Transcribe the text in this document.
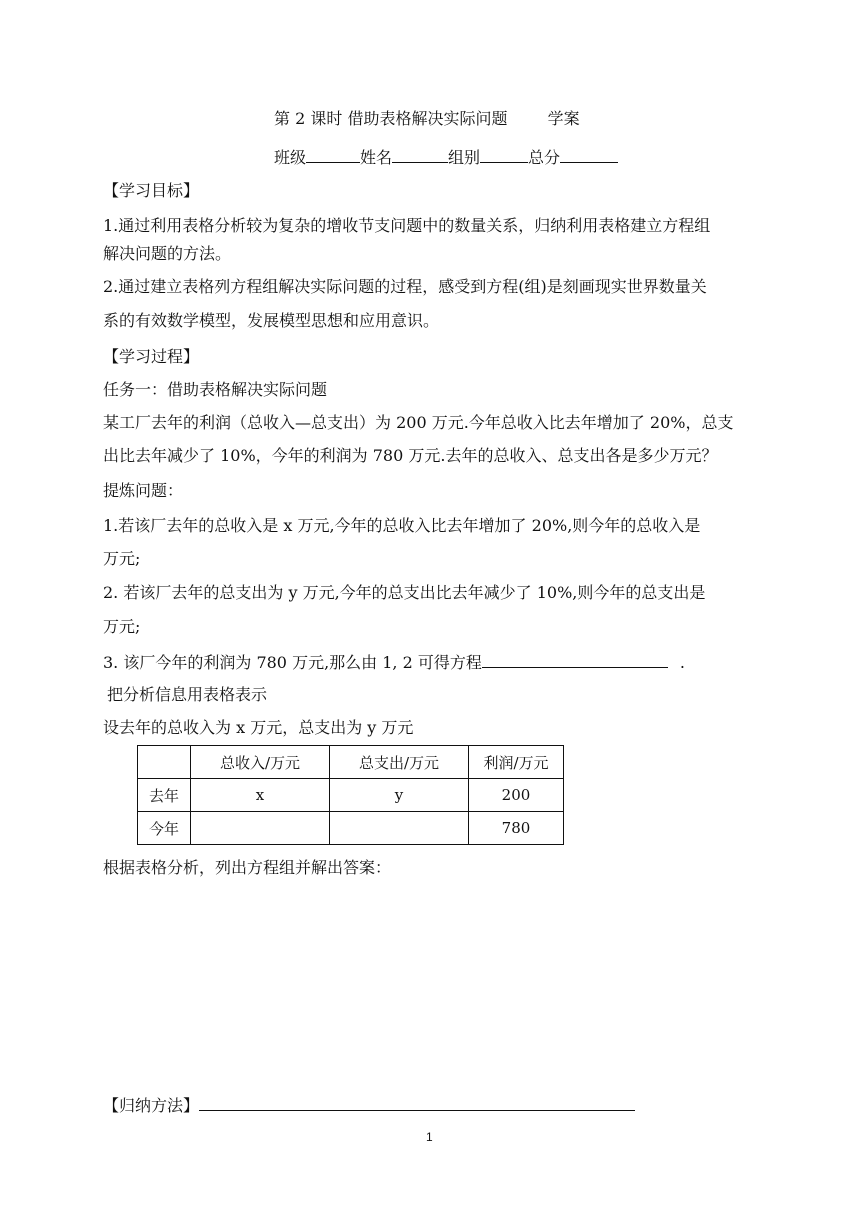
第 2 课时 借助表格解决实际问题	学案
班级	姓名	组别	总分
【学习目标】
1.通过利用表格分析较为复杂的增收节支问题中的数量关系，归纳利用表格建立方程组
解决问题的方法。
2.通过建立表格列方程组解决实际问题的过程，感受到方程(组)是刻画现实世界数量关
系的有效数学模型，发展模型思想和应用意识。
【学习过程】
任务一：借助表格解决实际问题
某工厂去年的利润（总收入—总支出）为 200 万元.今年总收入比去年增加了 20%，总支
出比去年减少了 10%，今年的利润为 780 万元.去年的总收入、总支出各是多少万元？
提炼问题：
1.若该厂去年的总收入是 x 万元,今年的总收入比去年增加了 20%,则今年的总收入是
万元;
2. 若该厂去年的总支出为 y 万元,今年的总支出比去年减少了 10%,则今年的总支出是
万元;
3. 该厂今年的利润为 780 万元,那么由 1, 2 可得方程	.
把分析信息用表格表示
设去年的总收入为 x 万元，总支出为 y 万元
	总收入/万元	总支出/万元	利润/万元
去年	x	y	200
今年			780
根据表格分析，列出方程组并解出答案：
【归纳方法】
1
